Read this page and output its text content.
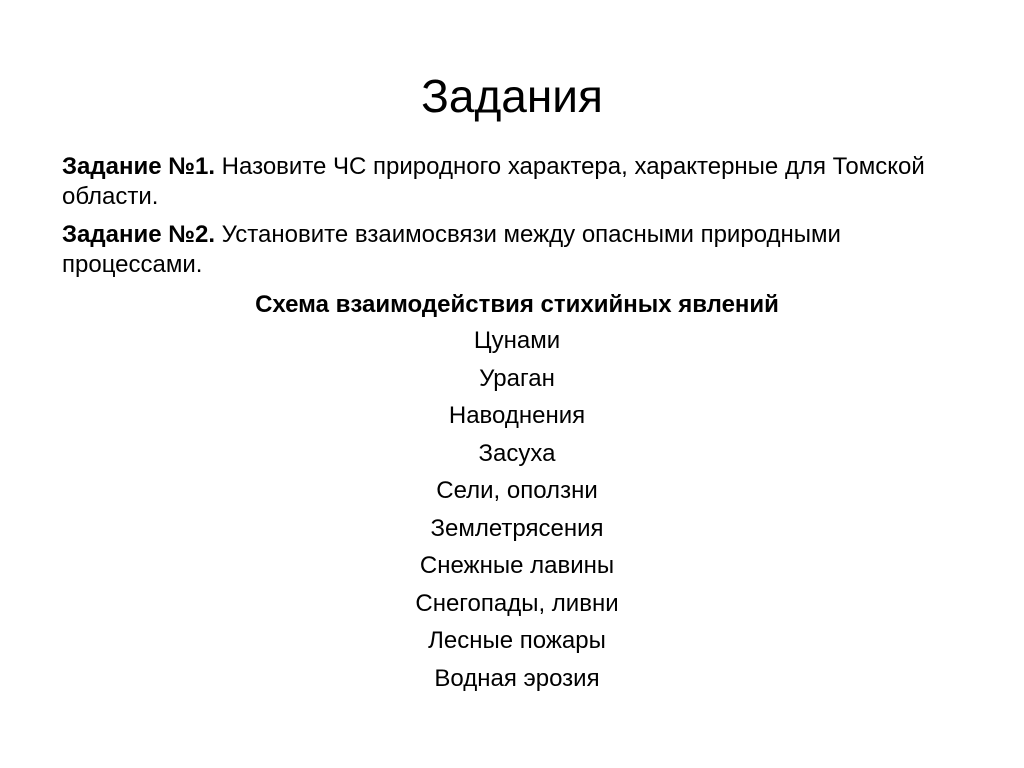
Задания

Задание №1. Назовите ЧС природного характера, характерные для Томской области.

Задание №2. Установите взаимосвязи между опасными природными процессами.

Схема взаимодействия стихийных явлений

Цунами
Ураган
Наводнения
Засуха
Сели, оползни
Землетрясения
Снежные лавины
Снегопады, ливни
Лесные пожары
Водная эрозия
